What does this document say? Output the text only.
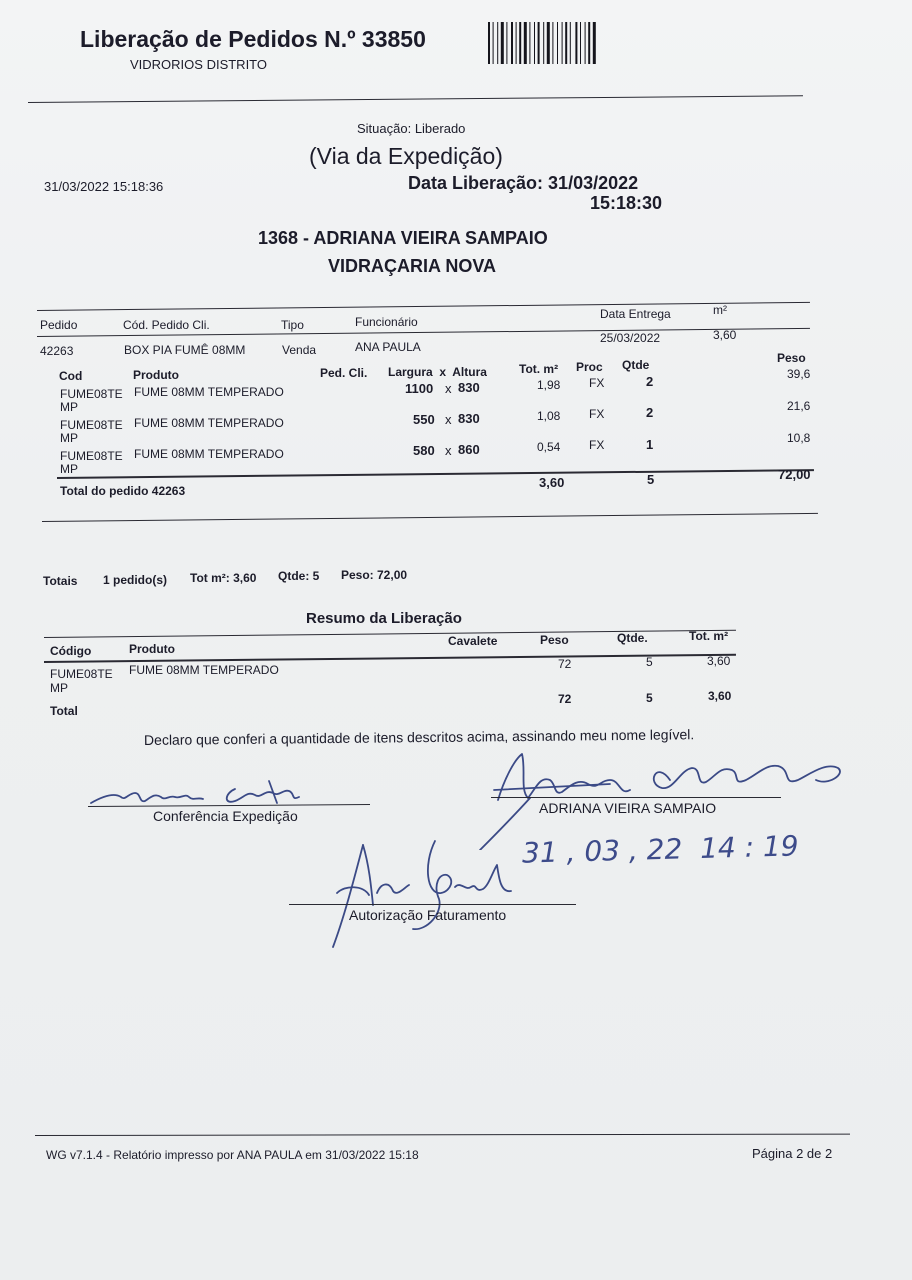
Liberação de Pedidos N.º 33850
VIDRORIOS DISTRITO
Situação: Liberado
(Via da Expedição)
31/03/2022 15:18:36	Data Liberação: 31/03/2022
15:18:30
1368 - ADRIANA VIEIRA SAMPAIO
VIDRAÇARIA NOVA
Pedido	Cód. Pedido Cli.	Tipo	Funcionário
Data Entrega	m²
42263	BOX PIA FUMÊ 08MM	Venda	ANA PAULA
25/03/2022	3,60
Cod	Produto	Ped. Cli. Largura  x  Altura	Tot. m² Proc Qtde	Peso
FUME08TE
MP
FUME 08MM TEMPERADO	1100 x 830	1,98 FX	2	39,6
FUME08TE
MP
FUME 08MM TEMPERADO	550 x 830	1,08 FX	2	21,6
FUME08TE
MP
FUME 08MM TEMPERADO	580 x 860	0,54 FX	1	10,8
Total do pedido 42263
3,60	5	72,00
Totais 1 pedido(s) Tot m²: 3,60 Qtde: 5 Peso: 72,00
Resumo da Liberação
Código	Produto
Cavalete	Peso	Qtde.	Tot. m²
FUME08TE
MP
FUME 08MM TEMPERADO	72	5	3,60
Total
72	5	3,60
Declaro que conferi a quantidade de itens descritos acima, assinando meu nome legível.
Conferência Expedição	ADRIANA VIEIRA SAMPAIO
31 , 03 , 22  14 : 19
Autorização Faturamento
WG v7.1.4 - Relatório impresso por ANA PAULA em 31/03/2022 15:18	Página 2 de 2
